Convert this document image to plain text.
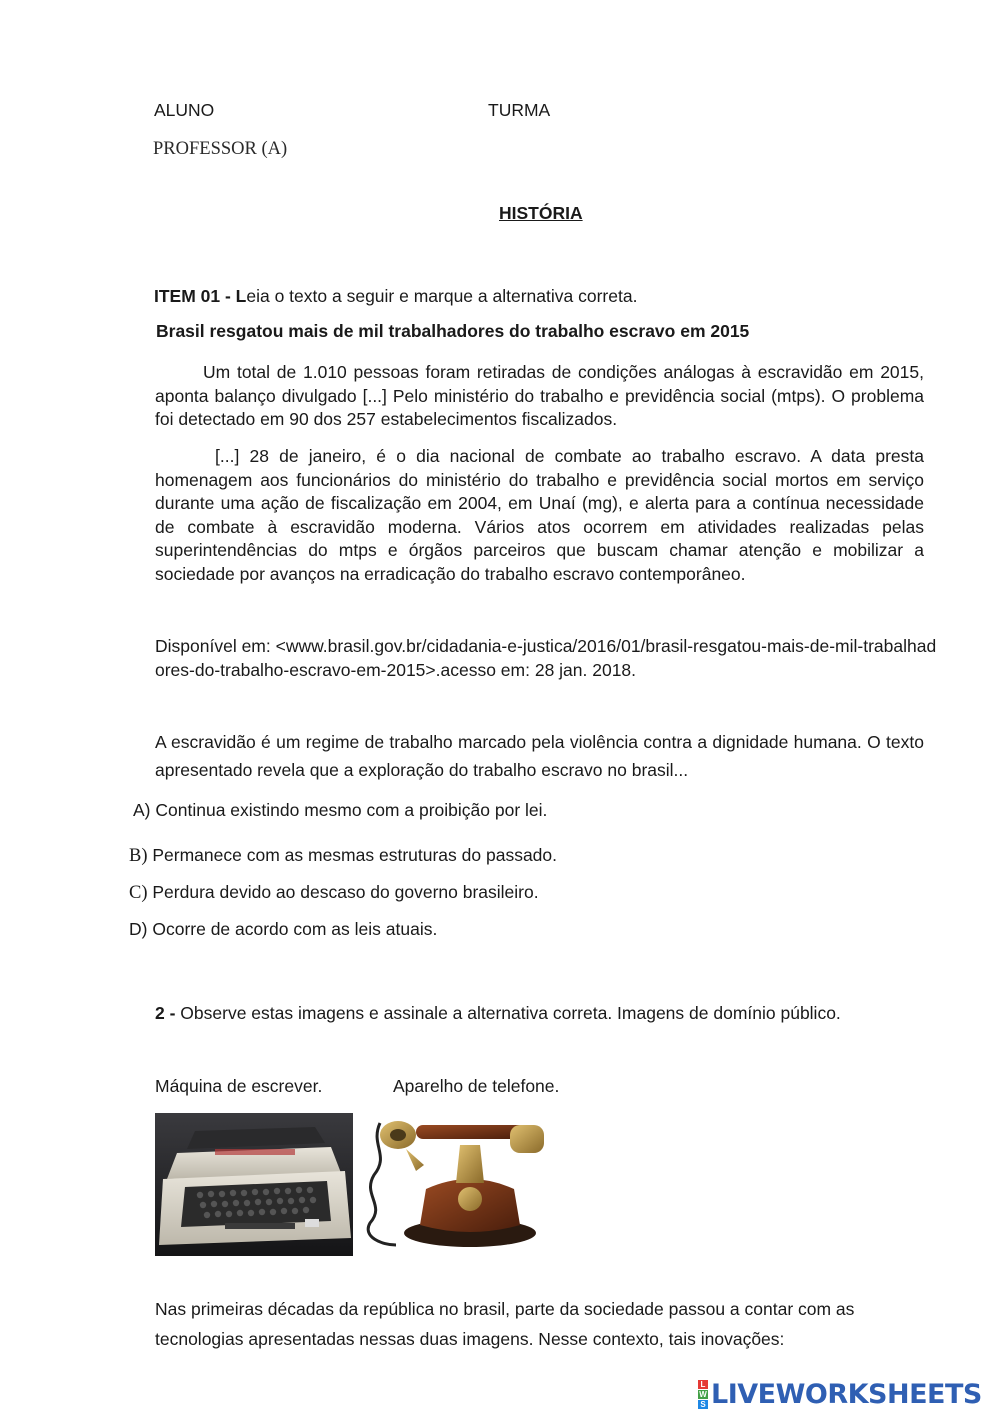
ALUNO	TURMA
PROFESSOR (A)
HISTÓRIA
ITEM 01 - Leia o texto a seguir e marque a alternativa correta.
Brasil resgatou mais de mil trabalhadores do trabalho escravo em 2015
Um total de 1.010 pessoas foram retiradas de condições análogas à escravidão em 2015, aponta balanço divulgado [...] Pelo ministério do trabalho e previdência social (mtps). O problema foi detectado em 90 dos 257 estabelecimentos fiscalizados.
[...] 28 de janeiro, é o dia nacional de combate ao trabalho escravo. A data presta homenagem aos funcionários do ministério do trabalho e previdência social mortos em serviço durante uma ação de fiscalização em 2004, em Unaí (mg), e alerta para a contínua necessidade de combate à escravidão moderna. Vários atos ocorrem em atividades realizadas pelas superintendências do mtps e órgãos parceiros que buscam chamar atenção e mobilizar a sociedade por avanços na erradicação do trabalho escravo contemporâneo.
Disponível em: <www.brasil.gov.br/cidadania-e-justica/2016/01/brasil-resgatou-mais-de-mil-trabalhadores-do-trabalho-escravo-em-2015>.acesso em: 28 jan. 2018.
A escravidão é um regime de trabalho marcado pela violência contra a dignidade humana. O texto apresentado revela que a exploração do trabalho escravo no brasil...
A) Continua existindo mesmo com a proibição por lei.
B) Permanece com as mesmas estruturas do passado.
C) Perdura devido ao descaso do governo brasileiro.
D) Ocorre de acordo com as leis atuais.
2 - Observe estas imagens e assinale a alternativa correta. Imagens de domínio público.
Máquina de escrever.	Aparelho de telefone.
Nas primeiras décadas da república no brasil, parte da sociedade passou a contar com as tecnologias apresentadas nessas duas imagens. Nesse contexto, tais inovações:
L
W
S LIVEWORKSHEETS
